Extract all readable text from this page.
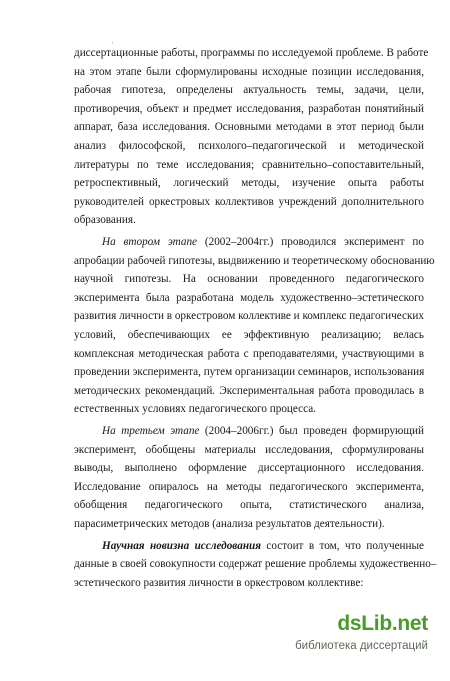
'
диссертационные работы, программы по исследуемой проблеме. В работе
на этом этапе были сформулированы исходные позиции исследования,
рабочая гипотеза, определены актуальность темы, задачи, цели,
противоречия, объект и предмет исследования, разработан понятийный
аппарат, база исследования. Основными методами в этот период были
анализ философской, психолого–педагогической и методической
литературы по теме исследования; сравнительно–сопоставительный,
ретроспективный, логический методы, изучение опыта работы
руководителей оркестровых коллективов учреждений дополнительного
образования.
На втором этапе (2002–2004гг.) проводился эксперимент по
апробации рабочей гипотезы, выдвижению и теоретическому обоснованию
научной гипотезы. На основании проведенного педагогического
эксперимента была разработана модель художественно–эстетического
развития личности в оркестровом коллективе и комплекс педагогических
условий, обеспечивающих ее эффективную реализацию; велась
комплексная методическая работа с преподавателями, участвующими в
проведении эксперимента, путем организации семинаров, использования
методических рекомендаций. Экспериментальная работа проводилась в
естественных условиях педагогического процесса.
На третьем этапе (2004–2006гг.) был проведен формирующий
эксперимент, обобщены материалы исследования, сформулированы
выводы, выполнено оформление диссертационного исследования.
Исследование опиралось на методы педагогического эксперимента,
обобщения педагогического опыта, статистического анализа,
парасиметрических методов (анализа результатов деятельности).
Научная новизна исследования состоит в том, что полученные
данные в своей совокупности содержат решение проблемы художественно–
эстетического развития личности в оркестровом коллективе:
dsLib.net
библиотека диссертаций
